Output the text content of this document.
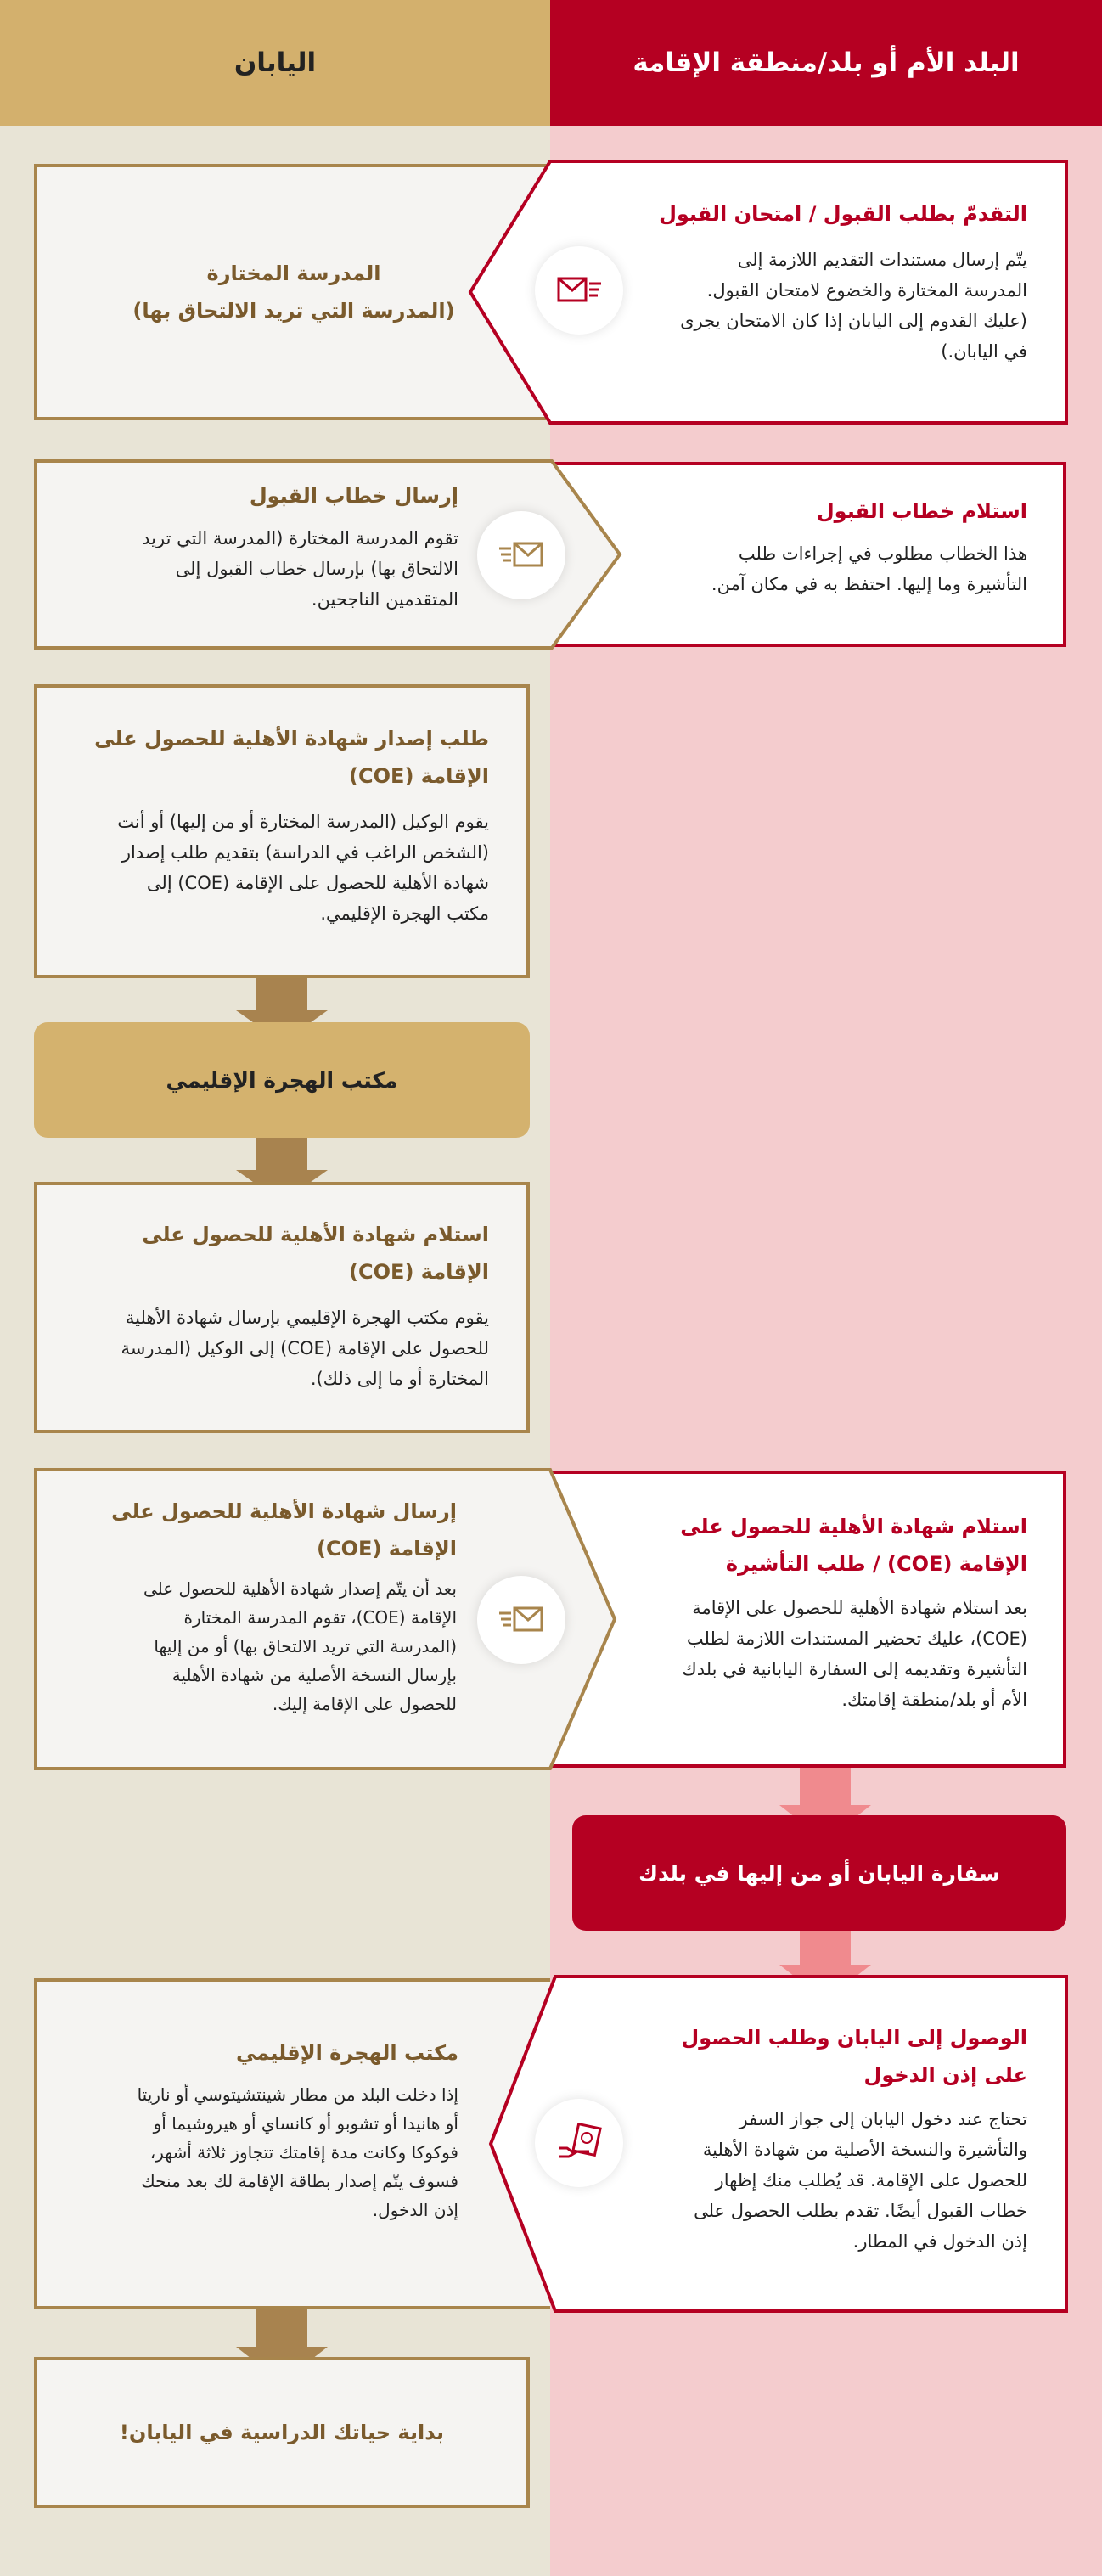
اليابان	البلد الأم أو بلد/منطقة الإقامة

المدرسة المختارة

(المدرسة التي تريد الالتحاق بها)

التقدمّ بطلب القبول / امتحان القبول

يتّم إرسال مستندات التقديم اللازمة إلى

المدرسة المختارة والخضوع لامتحان القبول.

(عليك القدوم إلى اليابان إذا كان الامتحان يجرى

في اليابان.)

إرسال خطاب القبول

تقوم المدرسة المختارة (المدرسة التي تريد

الالتحاق بها) بإرسال خطاب القبول إلى

المتقدمين الناجحين.

استلام خطاب القبول

هذا الخطاب مطلوب في إجراءات طلب

التأشيرة وما إليها. احتفظ به في مكان آمن.

طلب إصدار شهادة الأهلية للحصول على

الإقامة (COE)

يقوم الوكيل (المدرسة المختارة أو من إليها) أو أنت

(الشخص الراغب في الدراسة) بتقديم طلب إصدار

شهادة الأهلية للحصول على الإقامة (COE) إلى

مكتب الهجرة الإقليمي.

مكتب الهجرة الإقليمي

استلام شهادة الأهلية للحصول على

الإقامة (COE)

يقوم مكتب الهجرة الإقليمي بإرسال شهادة الأهلية

للحصول على الإقامة (COE) إلى الوكيل (المدرسة

المختارة أو ما إلى ذلك).

إرسال شهادة الأهلية للحصول على

الإقامة (COE)

بعد أن يتّم إصدار شهادة الأهلية للحصول على

الإقامة (COE)، تقوم المدرسة المختارة

(المدرسة التي تريد الالتحاق بها) أو من إليها

بإرسال النسخة الأصلية من شهادة الأهلية

للحصول على الإقامة إليك.

استلام شهادة الأهلية للحصول على

الإقامة (COE) / طلب التأشيرة

بعد استلام شهادة الأهلية للحصول على الإقامة

(COE)، عليك تحضير المستندات اللازمة لطلب

التأشيرة وتقديمه إلى السفارة اليابانية في بلدك

الأم أو بلد/منطقة إقامتك.

سفارة اليابان أو من إليها في بلدك

مكتب الهجرة الإقليمي

إذا دخلت البلد من مطار شينتشيتوسي أو ناريتا

أو هانيدا أو تشوبو أو كانساي أو هيروشيما أو

فوكوكا وكانت مدة إقامتك تتجاوز ثلاثة أشهر،

فسوف يتّم إصدار بطاقة الإقامة لك بعد منحك

إذن الدخول.

الوصول إلى اليابان وطلب الحصول

على إذن الدخول

تحتاج عند دخول اليابان إلى جواز السفر

والتأشيرة والنسخة الأصلية من شهادة الأهلية

للحصول على الإقامة. قد يُطلب منك إظهار

خطاب القبول أيضًا. تقدم بطلب الحصول على

إذن الدخول في المطار.

بداية حياتك الدراسية في اليابان!
